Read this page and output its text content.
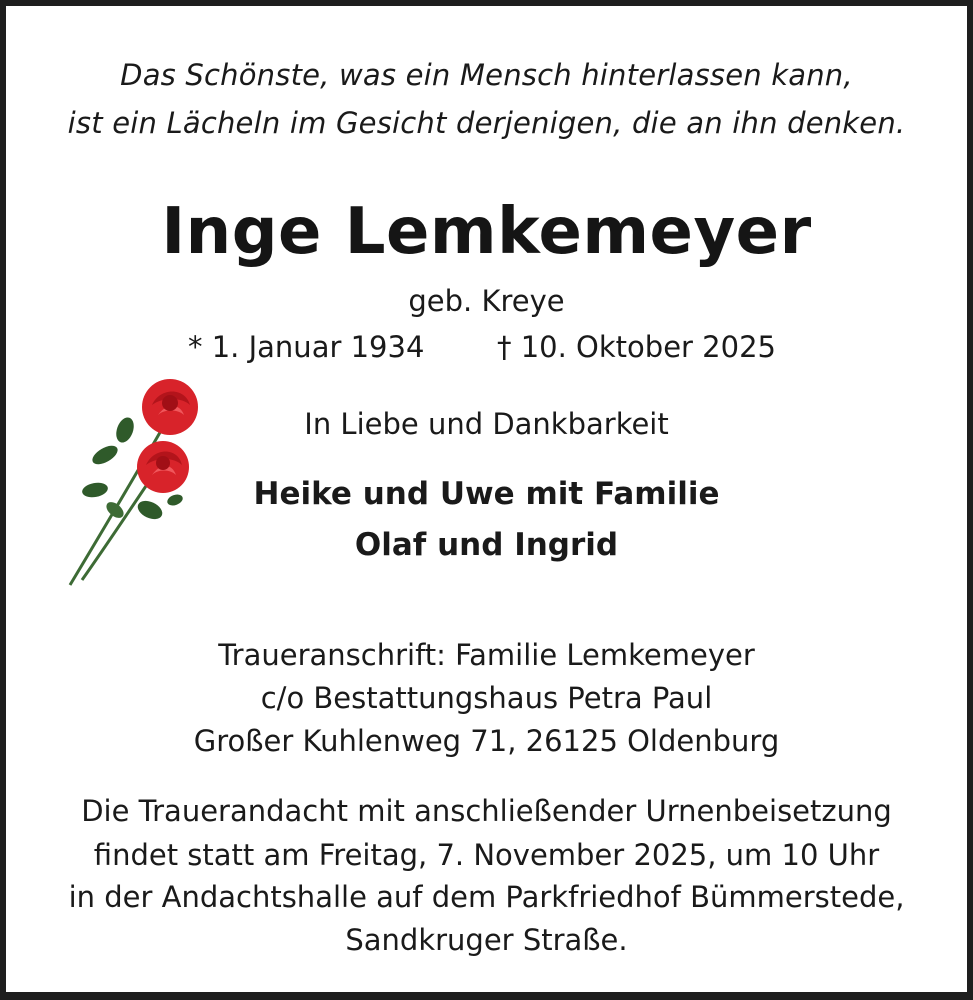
Das Schönste, was ein Mensch hinterlassen kann,
ist ein Lächeln im Gesicht derjenigen, die an ihn denken.
Inge Lemkemeyer
geb. Kreye
* 1. Januar 1934	† 10. Oktober 2025
In Liebe und Dankbarkeit
Heike und Uwe mit Familie
Olaf und Ingrid
Traueranschrift: Familie Lemkemeyer
c/o Bestattungshaus Petra Paul
Großer Kuhlenweg 71, 26125 Oldenburg
Die Trauerandacht mit anschließender Urnenbeisetzung
findet statt am Freitag, 7. November 2025, um 10 Uhr
in der Andachtshalle auf dem Parkfriedhof Bümmerstede,
Sandkruger Straße.
